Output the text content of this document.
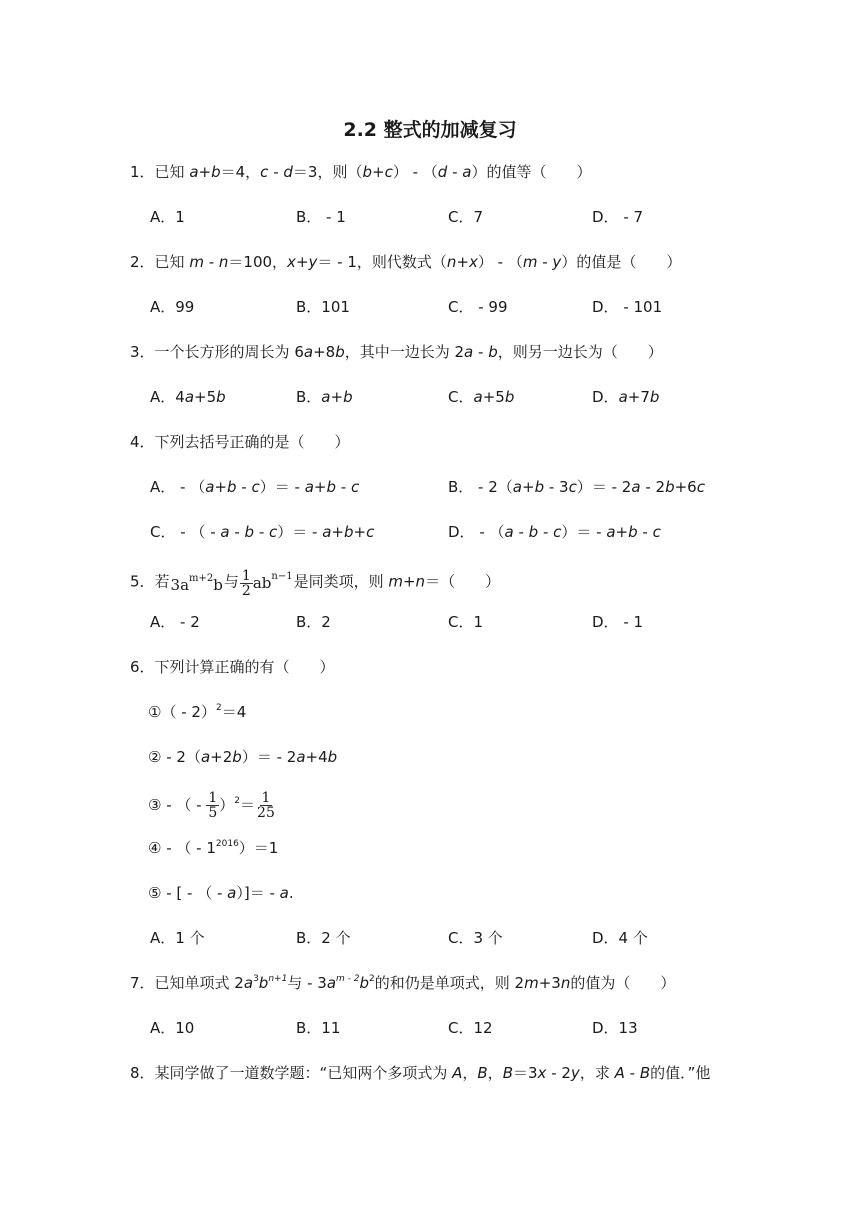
2.2 整式的加减复习
1．已知 a+b＝4，c - d＝3，则（b+c） - （d - a）的值等（　　）
A．1	B． - 1	C．7	D． - 7
2．已知 m - n＝100，x+y＝ - 1，则代数式（n+x） - （m - y）的值是（　　）
A．99	B．101	C． - 99	D． - 101
3．一个长方形的周长为 6a+8b，其中一边长为 2a - b，则另一边长为（　　）
A．4a+5b	B．a+b	C．a+5b	D．a+7b
4．下列去括号正确的是（　　）
A． - （a+b - c）＝ - a+b - c	B． - 2（a+b - 3c）＝ - 2a - 2b+6c
C． - （ - a - b - c）＝ - a+b+c	D． - （a - b - c）＝ - a+b - c
5．若$3a^{m+2}b$与 $\frac{1}{2} ab^{n-1}$是同类项，则 m+n＝（　　）
A． - 2	B．2	C．1	D． - 1
6．下列计算正确的有（　　）
①（ - 2）$^2$＝4
② - 2（a+2b）＝ - 2a+4b
③ - （ - $\frac{1}{5} )^2= \frac{1}{25}$
④ - （ - $1^{2016})=1$
⑤ - [ - （ - a）]＝ - a.
A．1 个	B．2 个	C．3 个	D．4 个
7．已知单项式 $2a^3b^{n+1}$与 - $3a^{m - 2}b^2$的和仍是单项式，则 2m+3n的值为（　　）
A．10	B．11	C．12	D．13
8．某同学做了一道数学题：“已知两个多项式为 A，B，B＝3x - 2y，求 A - B的值．”他
